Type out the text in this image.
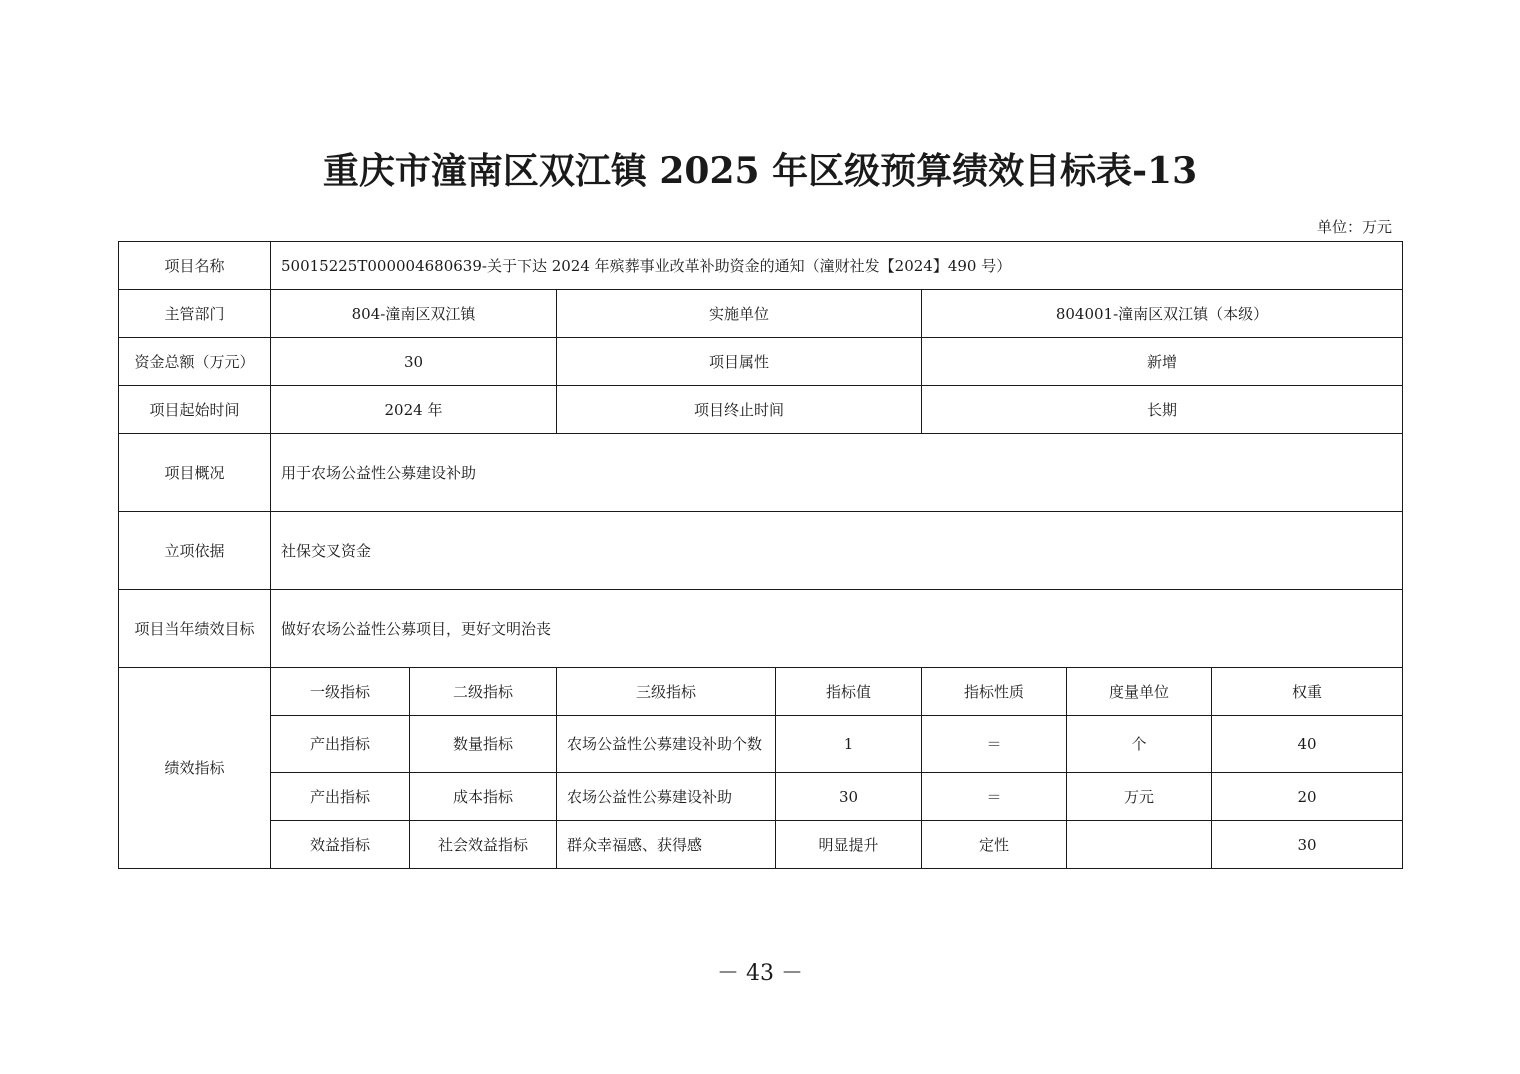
重庆市潼南区双江镇 2025 年区级预算绩效目标表-13
单位：万元
项目名称	50015225T000004680639-关于下达 2024 年殡葬事业改革补助资金的通知（潼财社发【2024】490 号）						
主管部门	804-潼南区双江镇		实施单位		804001-潼南区双江镇（本级）		
资金总额（万元）	30		项目属性		新增		
项目起始时间	2024 年		项目终止时间		长期		
项目概况	用于农场公益性公募建设补助						
立项依据	社保交叉资金						
项目当年绩效目标	做好农场公益性公募项目，更好文明治丧						
绩效指标	一级指标	二级指标	三级指标	指标值	指标性质	度量单位	权重
	产出指标	数量指标	农场公益性公募建设补助个数	1	＝	个	40
	产出指标	成本指标	农场公益性公募建设补助	30	＝	万元	20
	效益指标	社会效益指标	群众幸福感、获得感	明显提升	定性		30
－ 43 －
